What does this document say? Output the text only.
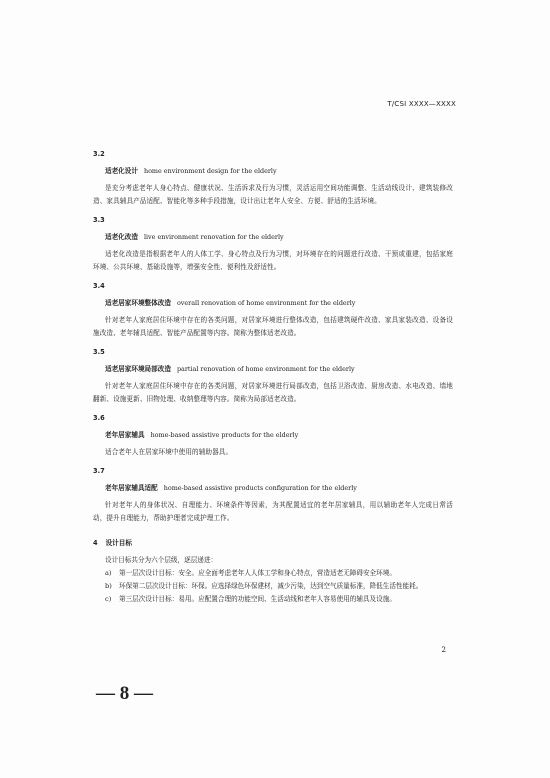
T/CSI XXXX—XXXX
3.2
适老化设计 home environment design for the elderly
是充分考虑老年人身心特点、健康状况、生活诉求及行为习惯，灵活运用空间功能调整、生活动线设计、建筑装修改造、家具辅具产品适配、智能化等多种手段措施，设计出让老年人安全、方便、舒适的生活环境。
3.3
适老化改造 live environment renovation for the elderly
适老化改造是指根据老年人的人体工学、身心特点及行为习惯，对环境存在的问题进行改造、干预或重建，包括家庭环境、公共环境、基础设施等，增强安全性、便利性及舒适性。
3.4
适老居家环境整体改造 overall renovation of home environment for the elderly
针对老年人家庭居住环境中存在的各类问题，对居家环境进行整体改造，包括建筑硬件改造、家具家装改造、设备设施改造、老年辅具适配、智能产品配置等内容。简称为整体适老改造。
3.5
适老居家环境局部改造 partial renovation of home environment for the elderly
针对老年人家庭居住环境中存在的各类问题，对居家环境进行局部改造，包括卫浴改造、厨房改造、水电改造、墙地翻新、设施更新、旧物处理、收纳整理等内容。简称为局部适老改造。
3.6
老年居家辅具 home-based assistive products for the elderly
适合老年人在居家环境中使用的辅助器具。
3.7
老年居家辅具适配 home-based assistive products configuration for the elderly
针对老年人的身体状况、自理能力、环境条件等因素，为其配置适宜的老年居家辅具，用以辅助老年人完成日常活动，提升自理能力，帮助护理者完成护理工作。
4 设计目标
设计目标共分为六个层级，逐层递进：
a)	第一层次设计目标：安全。应全面考虑老年人人体工学和身心特点，营造适老无障碍安全环境。
b)	环保第二层次设计目标：环保。应选择绿色环保建材，减少污染，达到空气质量标准，降低生活性能耗。
c)	第三层次设计目标：易用。应配置合理的功能空间、生活动线和老年人容易使用的辅具及设施。
2
— 8 —
